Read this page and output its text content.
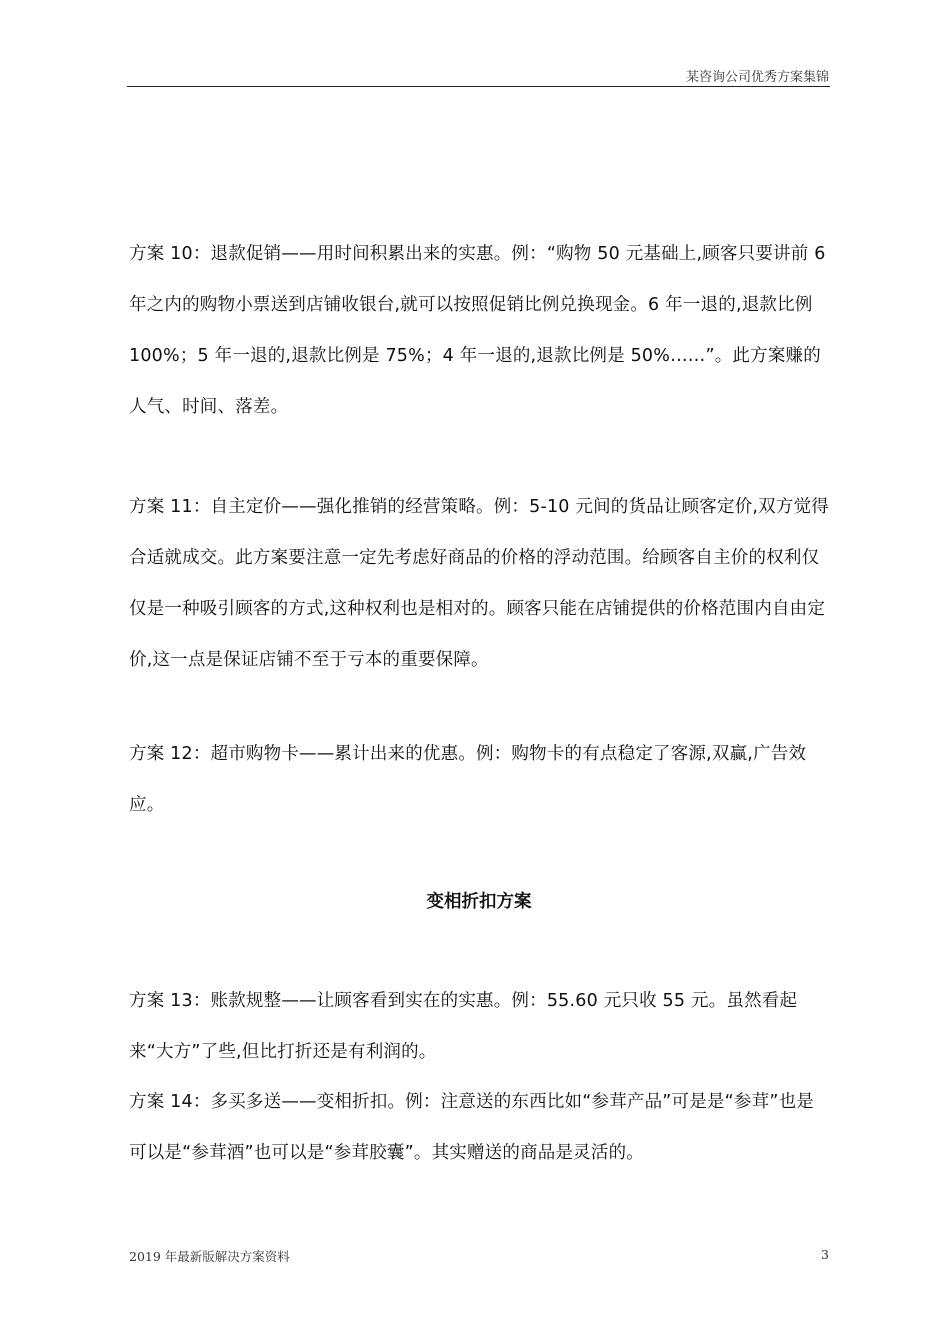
某咨询公司优秀方案集锦

方案 10：退款促销——用时间积累出来的实惠。例：“购物 50 元基础上,顾客只要讲前 6 年之内的购物小票送到店铺收银台,就可以按照促销比例兑换现金。6 年一退的,退款比例 100%；5 年一退的,退款比例是 75%；4 年一退的,退款比例是 50%……”。此方案赚的人气、时间、落差。

方案 11：自主定价——强化推销的经营策略。例：5-10 元间的货品让顾客定价,双方觉得合适就成交。此方案要注意一定先考虑好商品的价格的浮动范围。给顾客自主价的权利仅仅是一种吸引顾客的方式,这种权利也是相对的。顾客只能在店铺提供的价格范围内自由定价,这一点是保证店铺不至于亏本的重要保障。

方案 12：超市购物卡——累计出来的优惠。例：购物卡的有点稳定了客源,双赢,广告效应。

变相折扣方案

方案 13：账款规整——让顾客看到实在的实惠。例：55.60 元只收 55 元。虽然看起来“大方”了些,但比打折还是有利润的。

方案 14：多买多送——变相折扣。例：注意送的东西比如“参茸产品”可是是“参茸”也是可以是“参茸酒”也可以是“参茸胶囊”。其实赠送的商品是灵活的。

2019 年最新版解决方案资料	3
